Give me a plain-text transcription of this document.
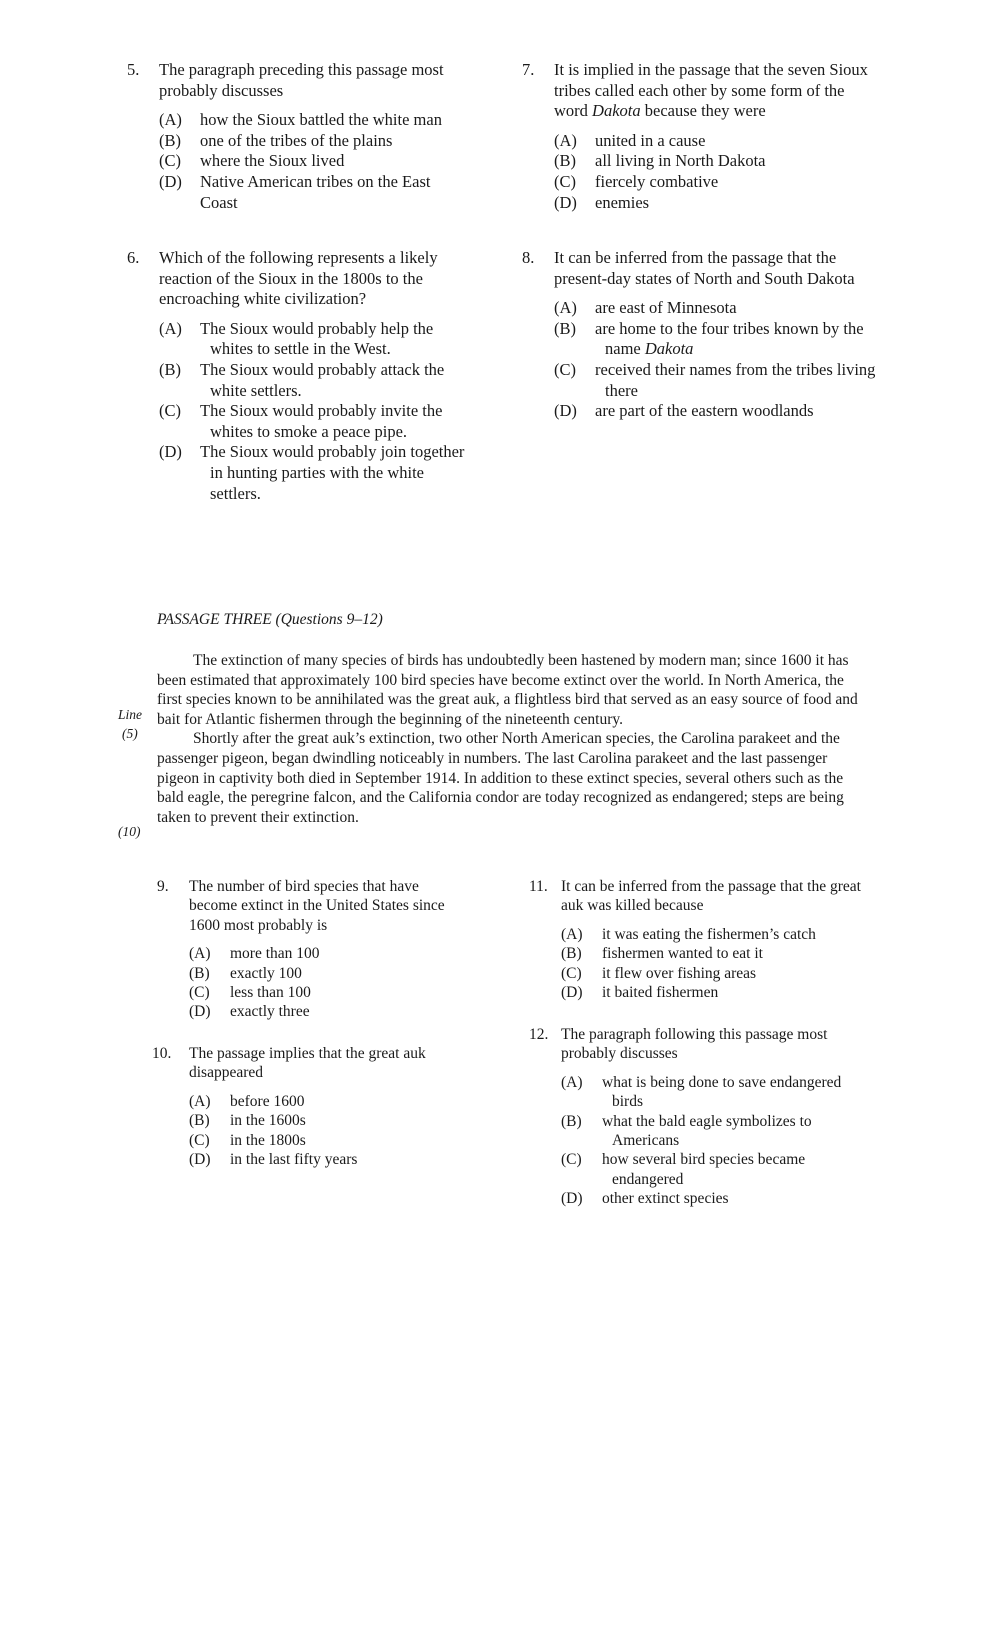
5. The paragraph preceding this passage most probably discusses
(A) how the Sioux battled the white man
(B) one of the tribes of the plains
(C) where the Sioux lived
(D) Native American tribes on the East Coast
6. Which of the following represents a likely reaction of the Sioux in the 1800s to the encroaching white civilization?
(A) The Sioux would probably help the whites to settle in the West.
(B) The Sioux would probably attack the white settlers.
(C) The Sioux would probably invite the whites to smoke a peace pipe.
(D) The Sioux would probably join together in hunting parties with the white settlers.
7. It is implied in the passage that the seven Sioux tribes called each other by some form of the word Dakota because they were
(A) united in a cause
(B) all living in North Dakota
(C) fiercely combative
(D) enemies
8. It can be inferred from the passage that the present-day states of North and South Dakota
(A) are east of Minnesota
(B) are home to the four tribes known by the name Dakota
(C) received their names from the tribes living there
(D) are part of the eastern woodlands
PASSAGE THREE (Questions 9–12)
Line
(5)
(10)

The extinction of many species of birds has undoubtedly been hastened by modern man; since 1600 it has been estimated that approximately 100 bird species have become extinct over the world. In North America, the first species known to be annihilated was the great auk, a flightless bird that served as an easy source of food and bait for Atlantic fishermen through the beginning of the nineteenth century.

Shortly after the great auk’s extinction, two other North American species, the Carolina parakeet and the passenger pigeon, began dwindling noticeably in numbers. The last Carolina parakeet and the last passenger pigeon in captivity both died in September 1914. In addition to these extinct species, several others such as the bald eagle, the peregrine falcon, and the California condor are today recognized as endangered; steps are being taken to prevent their extinction.

9. The number of bird species that have become extinct in the United States since 1600 most probably is
(A) more than 100
(B) exactly 100
(C) less than 100
(D) exactly three
10. The passage implies that the great auk disappeared
(A) before 1600
(B) in the 1600s
(C) in the 1800s
(D) in the last fifty years
11. It can be inferred from the passage that the great auk was killed because
(A) it was eating the fishermen’s catch
(B) fishermen wanted to eat it
(C) it flew over fishing areas
(D) it baited fishermen
12. The paragraph following this passage most probably discusses
(A) what is being done to save endangered birds
(B) what the bald eagle symbolizes to Americans
(C) how several bird species became endangered
(D) other extinct species
